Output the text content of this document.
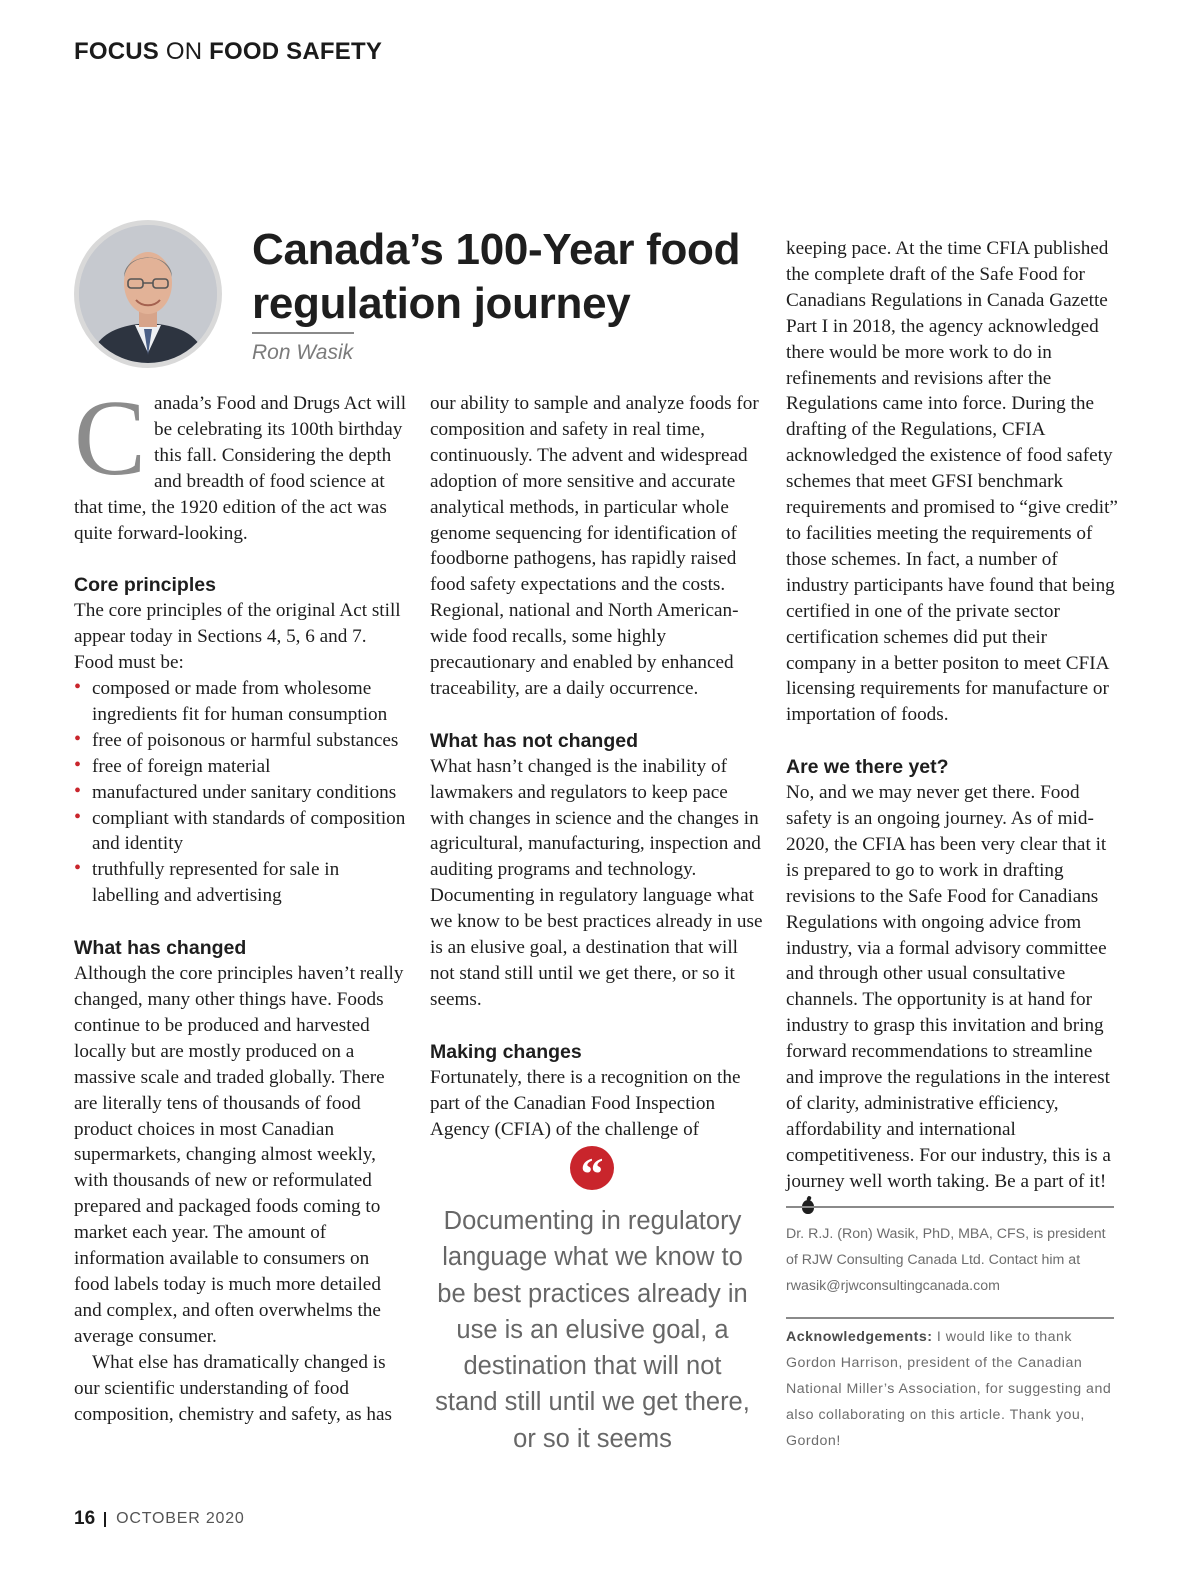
FOCUS ON FOOD SAFETY
Canada’s 100-Year food
regulation journey
Ron Wasik

Canada’s Food and Drugs Act will be celebrating its 100th birthday this fall. Considering the depth and breadth of food science at that time, the 1920 edition of the act was quite forward-looking.

Core principles

The core principles of the original Act still appear today in Sections 4, 5, 6 and 7. Food must be:

• composed or made from wholesome ingredients fit for human consumption
• free of poisonous or harmful substances
• free of foreign material
• manufactured under sanitary conditions
• compliant with standards of composition and identity
• truthfully represented for sale in labelling and advertising
What has changed

Although the core principles haven’t really changed, many other things have. Foods continue to be produced and harvested locally but are mostly produced on a massive scale and traded globally. There are literally tens of thousands of food product choices in most Canadian supermarkets, changing almost weekly, with thousands of new or reformulated prepared and packaged foods coming to market each year. The amount of information available to consumers on food labels today is much more detailed and complex, and often overwhelms the average consumer.

What else has dramatically changed is our scientific understanding of food composition, chemistry and safety, as has

our ability to sample and analyze foods for composition and safety in real time, continuously. The advent and widespread adoption of more sensitive and accurate analytical methods, in particular whole genome sequencing for identification of foodborne pathogens, has rapidly raised food safety expectations and the costs. Regional, national and North American-wide food recalls, some highly precautionary and enabled by enhanced traceability, are a daily occurrence.

What has not changed

What hasn’t changed is the inability of lawmakers and regulators to keep pace with changes in science and the changes in agricultural, manufacturing, inspection and auditing programs and technology. Documenting in regulatory language what we know to be best practices already in use is an elusive goal, a destination that will not stand still until we get there, or so it seems.

Making changes

Fortunately, there is a recognition on the part of the Canadian Food Inspection Agency (CFIA) of the challenge of

“
Documenting in regulatory language what we know to be best practices already in use is an elusive goal, a destination that will not stand still until we get there, or so it seems

keeping pace. At the time CFIA published the complete draft of the Safe Food for Canadians Regulations in Canada Gazette Part I in 2018, the agency acknowledged there would be more work to do in refinements and revisions after the Regulations came into force. During the drafting of the Regulations, CFIA acknowledged the existence of food safety schemes that meet GFSI benchmark requirements and promised to “give credit” to facilities meeting the requirements of those schemes. In fact, a number of industry participants have found that being certified in one of the private sector certification schemes did put their company in a better positon to meet CFIA licensing requirements for manufacture or importation of foods.

Are we there yet?

No, and we may never get there. Food safety is an ongoing journey. As of mid-2020, the CFIA has been very clear that it is prepared to go to work in drafting revisions to the Safe Food for Canadians Regulations with ongoing advice from industry, via a formal advisory committee and through other usual consultative channels. The opportunity is at hand for industry to grasp this invitation and bring forward recommendations to streamline and improve the regulations in the interest of clarity, administrative efficiency, affordability and international competitiveness. For our industry, this is a journey well worth taking. Be a part of it!

Dr. R.J. (Ron) Wasik, PhD, MBA, CFS, is president of RJW Consulting Canada Ltd. Contact him at rwasik@rjwconsultingcanada.com
Acknowledgements: I would like to thank Gordon Harrison, president of the Canadian National Miller’s Association, for suggesting and also collaborating on this article. Thank you, Gordon!
16 OCTOBER 2020
